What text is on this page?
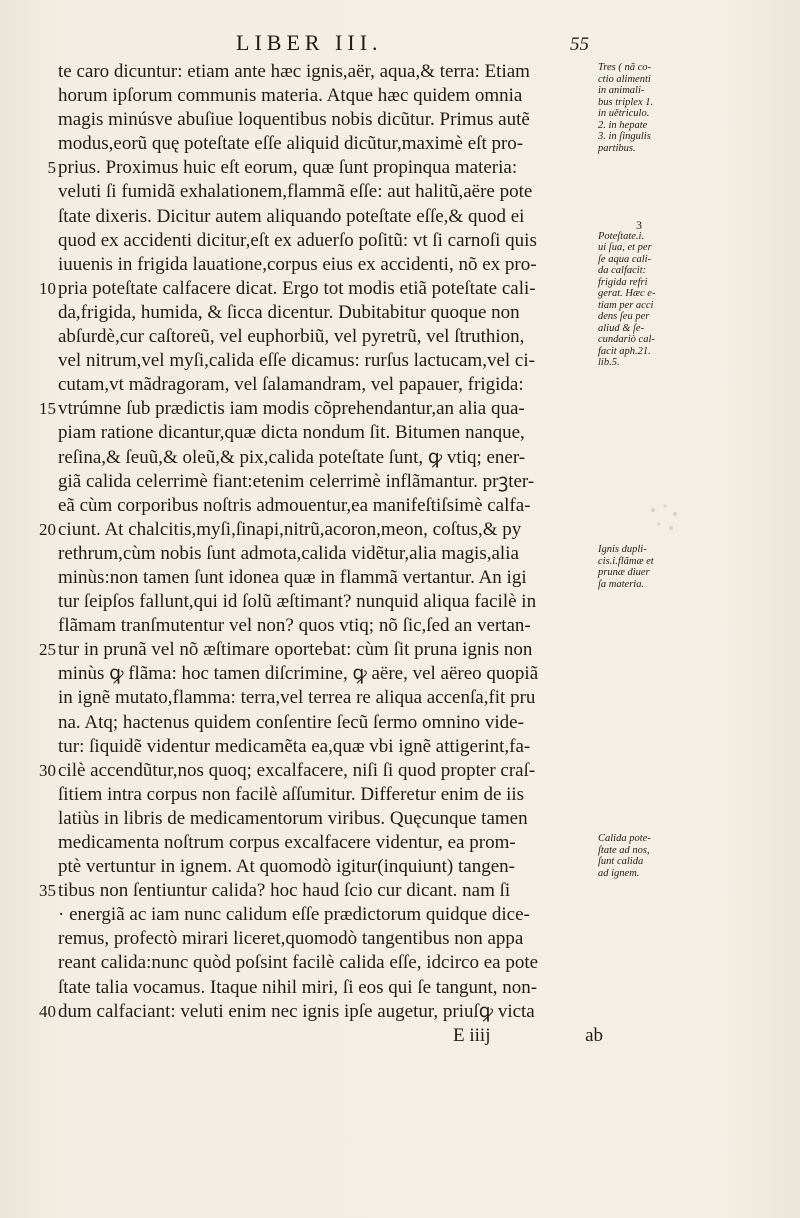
LIBER III.	55
te caro dicuntur: etiam ante hæc ignis,aër, aqua,& terra: Etiam
horum ipſorum communis materia. Atque hæc quidem omnia
magis minúsve abuſiue loquentibus nobis dicũtur. Primus autẽ
modus,eorũ quę poteſtate eſſe aliquid dicũtur,maximè eſt pro-
5 prius. Proximus huic eſt eorum, quæ ſunt propinqua materia:
veluti ſi fumidã exhalationem,flammã eſſe: aut halitũ,aëre pote
ſtate dixeris. Dicitur autem aliquando poteſtate eſſe,& quod ei
quod ex accidenti dicitur,eſt ex aduerſo poſitũ: vt ſi carnoſi quis
iuuenis in frigida lauatione,corpus eius ex accidenti, nõ ex pro-
10 pria poteſtate calfacere dicat. Ergo tot modis etiã poteſtate cali-
da,frigida, humida, & ſicca dicentur. Dubitabitur quoque non
abſurdè,cur caſtoreũ, vel euphorbiũ, vel pyretrũ, vel ſtruthion,
vel nitrum,vel myſi,calida eſſe dicamus: rurſus lactucam,vel ci-
cutam,vt mãdragoram, vel ſalamandram, vel papauer, frigida:
15 vtrúmne ſub prædictis iam modis cõprehendantur,an alia qua-
piam ratione dicantur,quæ dicta nondum ſit. Bitumen nanque,
reſina,& ſeuũ,& oleũ,& pix,calida poteſtate ſunt, ꝙ vtiq; ener-
giã calida celerrimè fiant:etenim celerrimè inflãmantur. prꝫter-
eã cùm corporibus noſtris admouentur,ea manifeſtiſsimè calfa-
20 ciunt. At chalcitis,myſi,ſinapi,nitrũ,acoron,meon, coſtus,& py
rethrum,cùm nobis ſunt admota,calida vidẽtur,alia magis,alia
minùs:non tamen ſunt idonea quæ in flammã vertantur. An igi
tur ſeipſos fallunt,qui id ſolũ æſtimant? nunquid aliqua facilè in
flãmam tranſmutentur vel non? quos vtiq; nõ ſic,ſed an vertan-
25 tur in prunã vel nõ æſtimare oportebat: cùm ſit pruna ignis non
minùs ꝙ flãma: hoc tamen diſcrimine, ꝙ aëre, vel aëreo quopiã
in ignẽ mutato,flamma: terra,vel terrea re aliqua accenſa,fit pru
na. Atq; hactenus quidem conſentire ſecũ ſermo omnino vide-
tur: ſiquidẽ videntur medicamẽta ea,quæ vbi ignẽ attigerint,fa-
30 cilè accendũtur,nos quoq; excalfacere, niſi ſi quod propter craſ-
ſitiem intra corpus non facilè aſſumitur. Differetur enim de iis
latiùs in libris de medicamentorum viribus. Quęcunque tamen
medicamenta noſtrum corpus excalfacere videntur, ea prom-
ptè vertuntur in ignem. At quomodò igitur(inquiunt) tangen-
35 tibus non ſentiuntur calida? hoc haud ſcio cur dicant. nam ſi
· energiã ac iam nunc calidum eſſe prædictorum quidque dice-
remus, profectò mirari liceret,quomodò tangentibus non appa
reant calida:nunc quòd poſsint facilè calida eſſe, idcirco ea pote
ſtate talia vocamus. Itaque nihil miri, ſi eos qui ſe tangunt, non-
40 dum calfaciant: veluti enim nec ignis ipſe augetur, priuſꝙ victa
E iiij	ab
Tres ( nã co-
ctio alimenti
in animali-
bus triplex 1.
in uětriculo.
2. in hepate
3. in ſingulis
partibus.
Poteſtate.i.
ui ſua, et per
ſe aqua cali-
da calfacit:
frigida refri
gerat. Hæc e-
tiam per acci
dens ſeu per
aliud & ſe-
cundariò cal-
facit aph.21.
lib.5.
Ignis dupli-
cis.i.flãmæ et
prunæ diuer
ſa materia.
Calida pote-
ſtate ad nos,
ſunt calida
ad ignem.
3
